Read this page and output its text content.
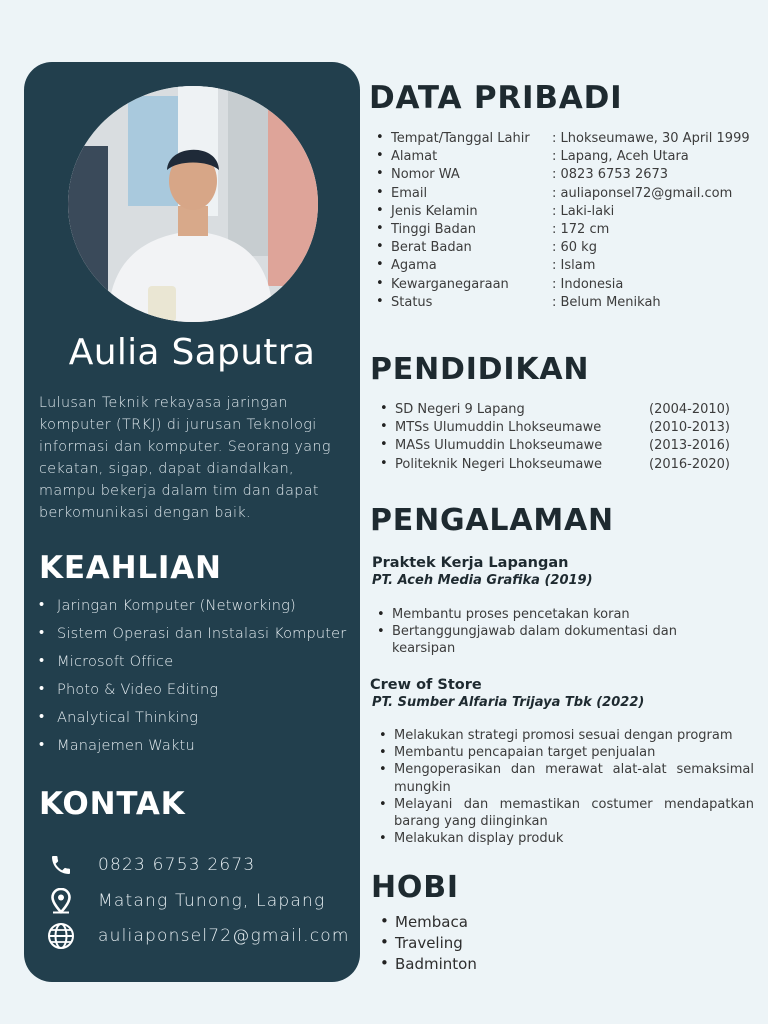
Aulia Saputra
Lulusan Teknik rekayasa jaringan komputer (TRKJ) di jurusan Teknologi informasi dan komputer. Seorang yang cekatan, sigap, dapat diandalkan, mampu bekerja dalam tim dan dapat berkomunikasi dengan baik.
KEAHLIAN
• Jaringan Komputer (Networking)
• Sistem Operasi dan Instalasi Komputer
• Microsoft Office
• Photo & Video Editing
• Analytical Thinking
• Manajemen Waktu
KONTAK
0823 6753 2673
Matang Tunong, Lapang
auliaponsel72@gmail.com
DATA PRIBADI
• Tempat/Tanggal Lahir : Lhokseumawe, 30 April 1999
• Alamat	: Lapang, Aceh Utara
• Nomor WA	: 0823 6753 2673
• Email	: auliaponsel72@gmail.com
• Jenis Kelamin	: Laki-laki
• Tinggi Badan	: 172 cm
• Berat Badan	: 60 kg
• Agama	: Islam
• Kewarganegaraan	: Indonesia
• Status	: Belum Menikah
PENDIDIKAN
• SD Negeri 9 Lapang	(2004-2010)
• MTSs Ulumuddin Lhokseumawe	(2010-2013)
• MASs Ulumuddin Lhokseumawe	(2013-2016)
• Politeknik Negeri Lhokseumawe	(2016-2020)
PENGALAMAN
Praktek Kerja Lapangan
PT. Aceh Media Grafika (2019)
• Membantu proses pencetakan koran
• Bertanggungjawab dalam dokumentasi dan kearsipan
Crew of Store
PT. Sumber Alfaria Trijaya Tbk (2022)
• Melakukan strategi promosi sesuai dengan program
• Membantu pencapaian target penjualan
• Mengoperasikan dan merawat alat-alat semaksimal mungkin
• Melayani dan memastikan costumer mendapatkan barang yang diinginkan
• Melakukan display produk
HOBI
• Membaca
• Traveling
• Badminton
